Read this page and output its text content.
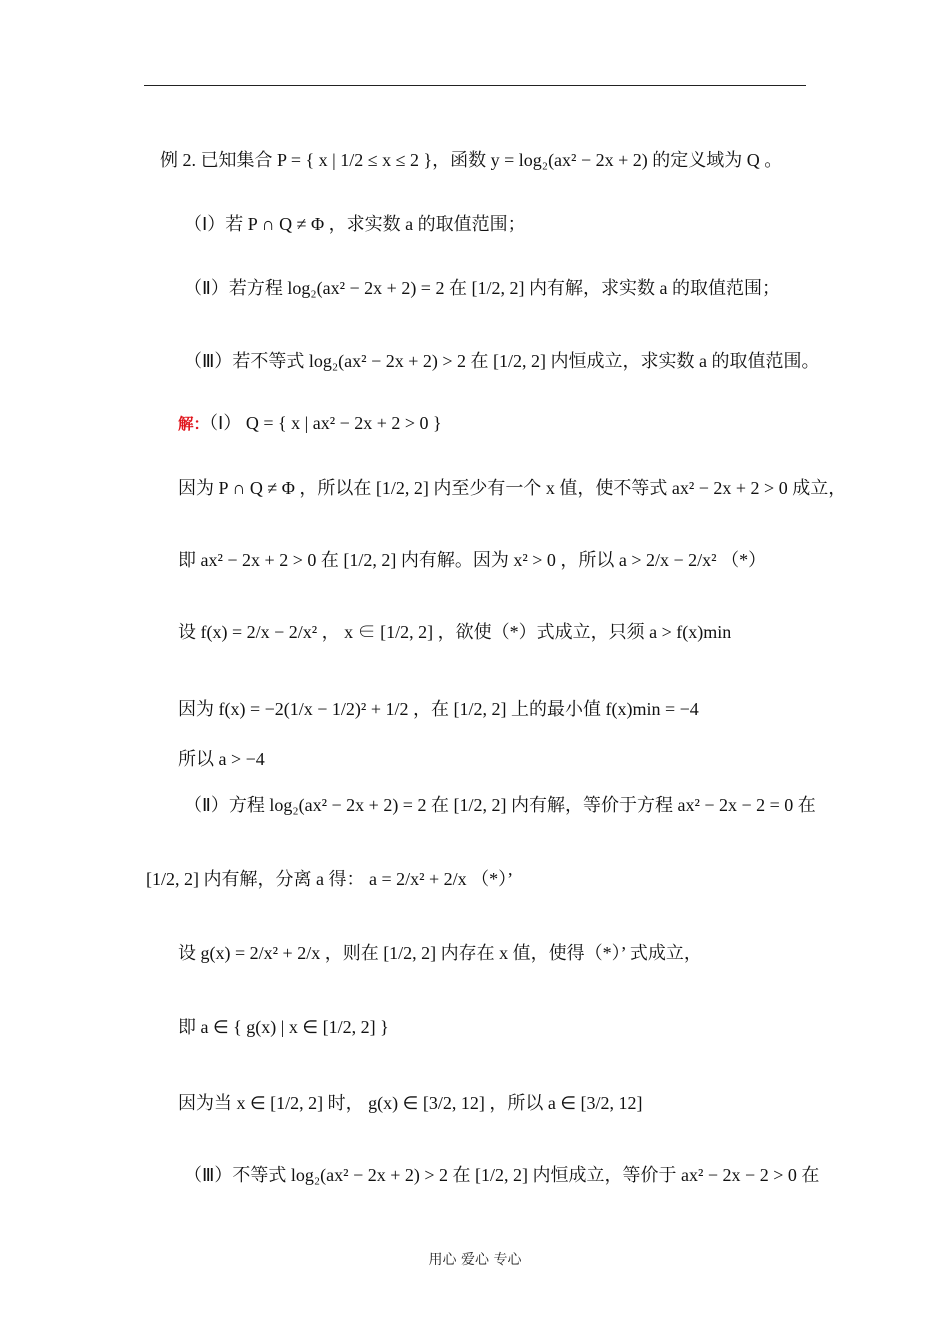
例 2. 已知集合 P = { x | 1/2 ≤ x ≤ 2 }，函数 y = log₂(ax² − 2x + 2) 的定义域为 Q 。
（Ⅰ）若 P ∩ Q ≠ Φ ，求实数 a 的取值范围；
（Ⅱ）若方程 log₂(ax² − 2x + 2) = 2 在 [1/2, 2] 内有解，求实数 a 的取值范围；
（Ⅲ）若不等式 log₂(ax² − 2x + 2) > 2 在 [1/2, 2] 内恒成立，求实数 a 的取值范围。
解：（Ⅰ） Q = { x | ax² − 2x + 2 > 0 }
因为 P ∩ Q ≠ Φ ，所以在 [1/2, 2] 内至少有一个 x 值，使不等式 ax² − 2x + 2 > 0 成立，
即 ax² − 2x + 2 > 0 在 [1/2, 2] 内有解。因为 x² > 0 ，所以 a > 2/x − 2/x² （*）
设 f(x) = 2/x − 2/x² ， x ∈ [1/2, 2] ，欲使（*）式成立，只须 a > f(x)min
因为 f(x) = −2(1/x − 1/2)² + 1/2 ，在 [1/2, 2] 上的最小值 f(x)min = −4
所以 a > −4
（Ⅱ）方程 log₂(ax² − 2x + 2) = 2 在 [1/2, 2] 内有解，等价于方程 ax² − 2x − 2 = 0 在
[1/2, 2] 内有解，分离 a 得： a = 2/x² + 2/x （*）’
设 g(x) = 2/x² + 2/x ，则在 [1/2, 2] 内存在 x 值，使得（*）’ 式成立，
即 a ∈ { g(x) | x ∈ [1/2, 2] }
因为当 x ∈ [1/2, 2] 时， g(x) ∈ [3/2, 12] ，所以 a ∈ [3/2, 12]
（Ⅲ）不等式 log₂(ax² − 2x + 2) > 2 在 [1/2, 2] 内恒成立，等价于 ax² − 2x − 2 > 0 在
用心 爱心 专心
